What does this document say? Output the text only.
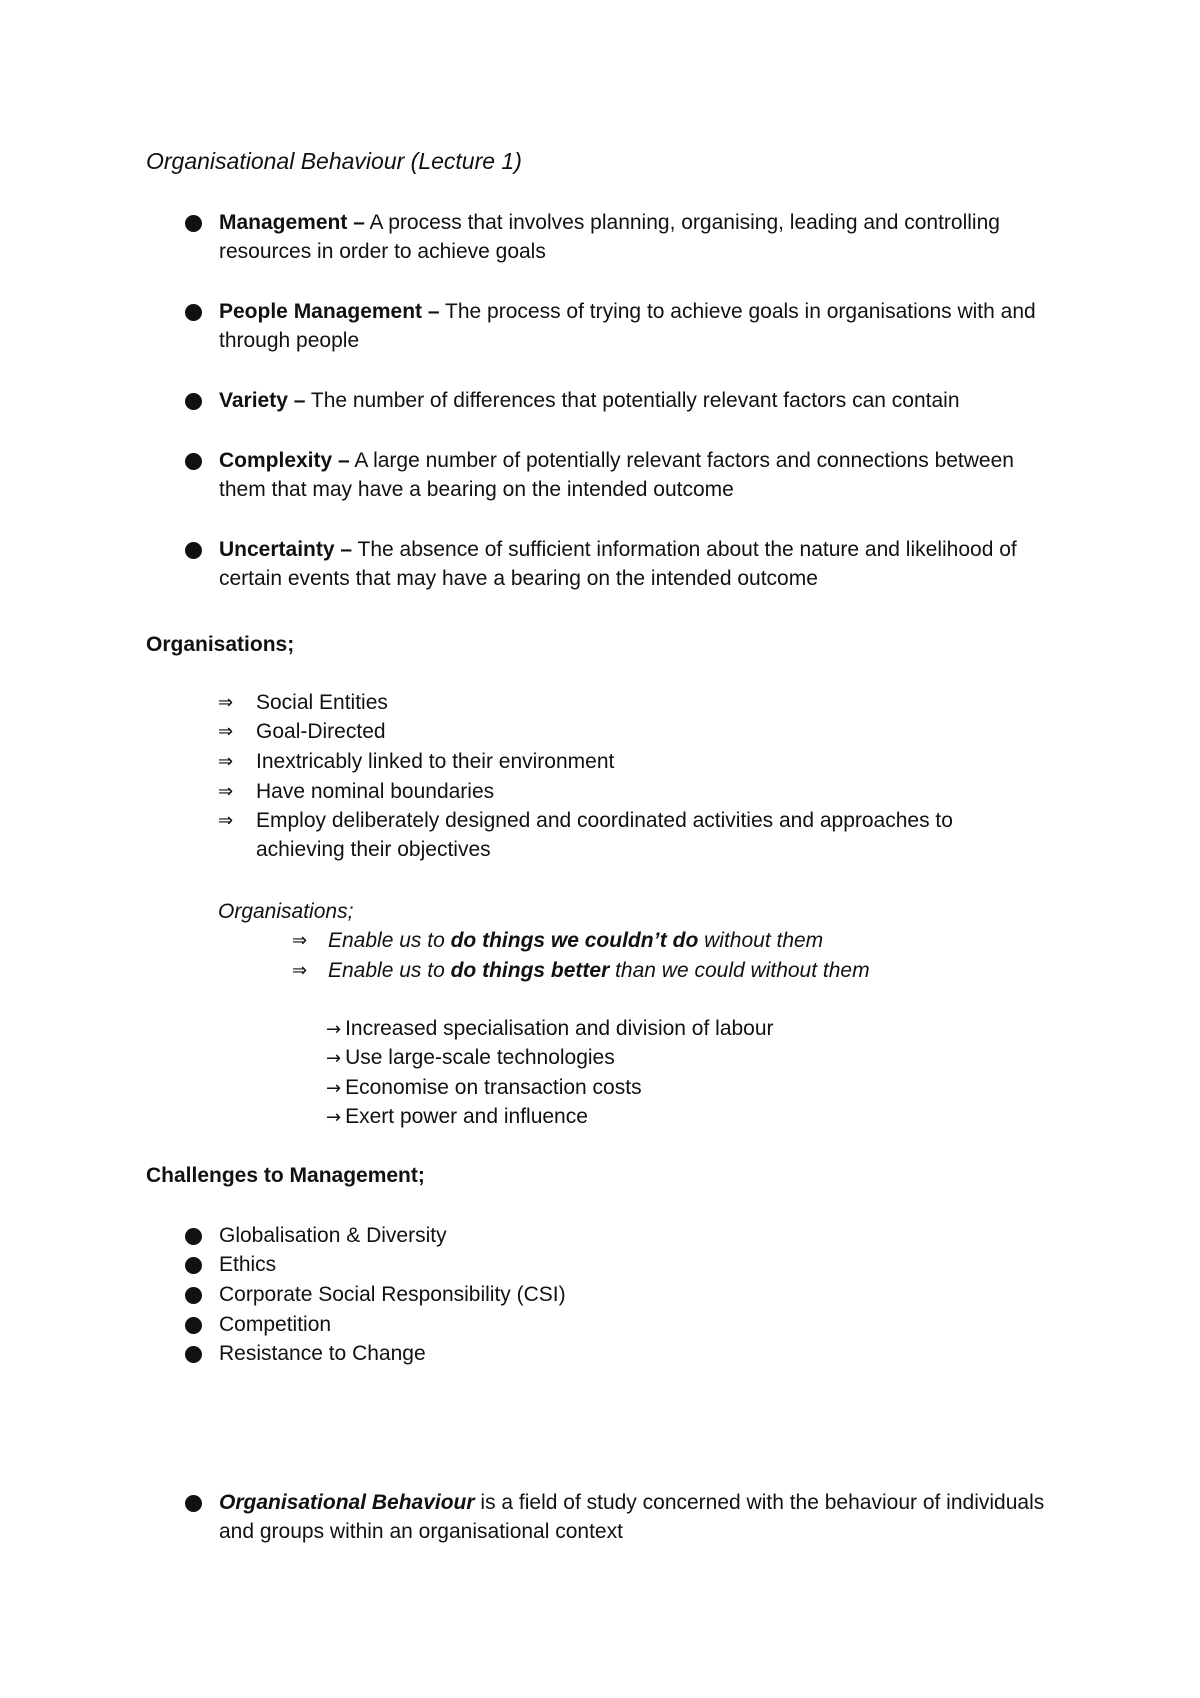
Organisational Behaviour (Lecture 1)
Management – A process that involves planning, organising, leading and controlling resources in order to achieve goals
People Management – The process of trying to achieve goals in organisations with and through people
Variety – The number of differences that potentially relevant factors can contain
Complexity – A large number of potentially relevant factors and connections between them that may have a bearing on the intended outcome
Uncertainty – The absence of sufficient information about the nature and likelihood of certain events that may have a bearing on the intended outcome
Organisations;
⇒ Social Entities
⇒ Goal-Directed
⇒ Inextricably linked to their environment
⇒ Have nominal boundaries
⇒ Employ deliberately designed and coordinated activities and approaches to achieving their objectives
Organisations;
⇒ Enable us to do things we couldn’t do without them
⇒ Enable us to do things better than we could without them
→ Increased specialisation and division of labour
→ Use large-scale technologies
→ Economise on transaction costs
→ Exert power and influence
Challenges to Management;
Globalisation & Diversity
Ethics
Corporate Social Responsibility (CSI)
Competition
Resistance to Change
Organisational Behaviour is a field of study concerned with the behaviour of individuals and groups within an organisational context
